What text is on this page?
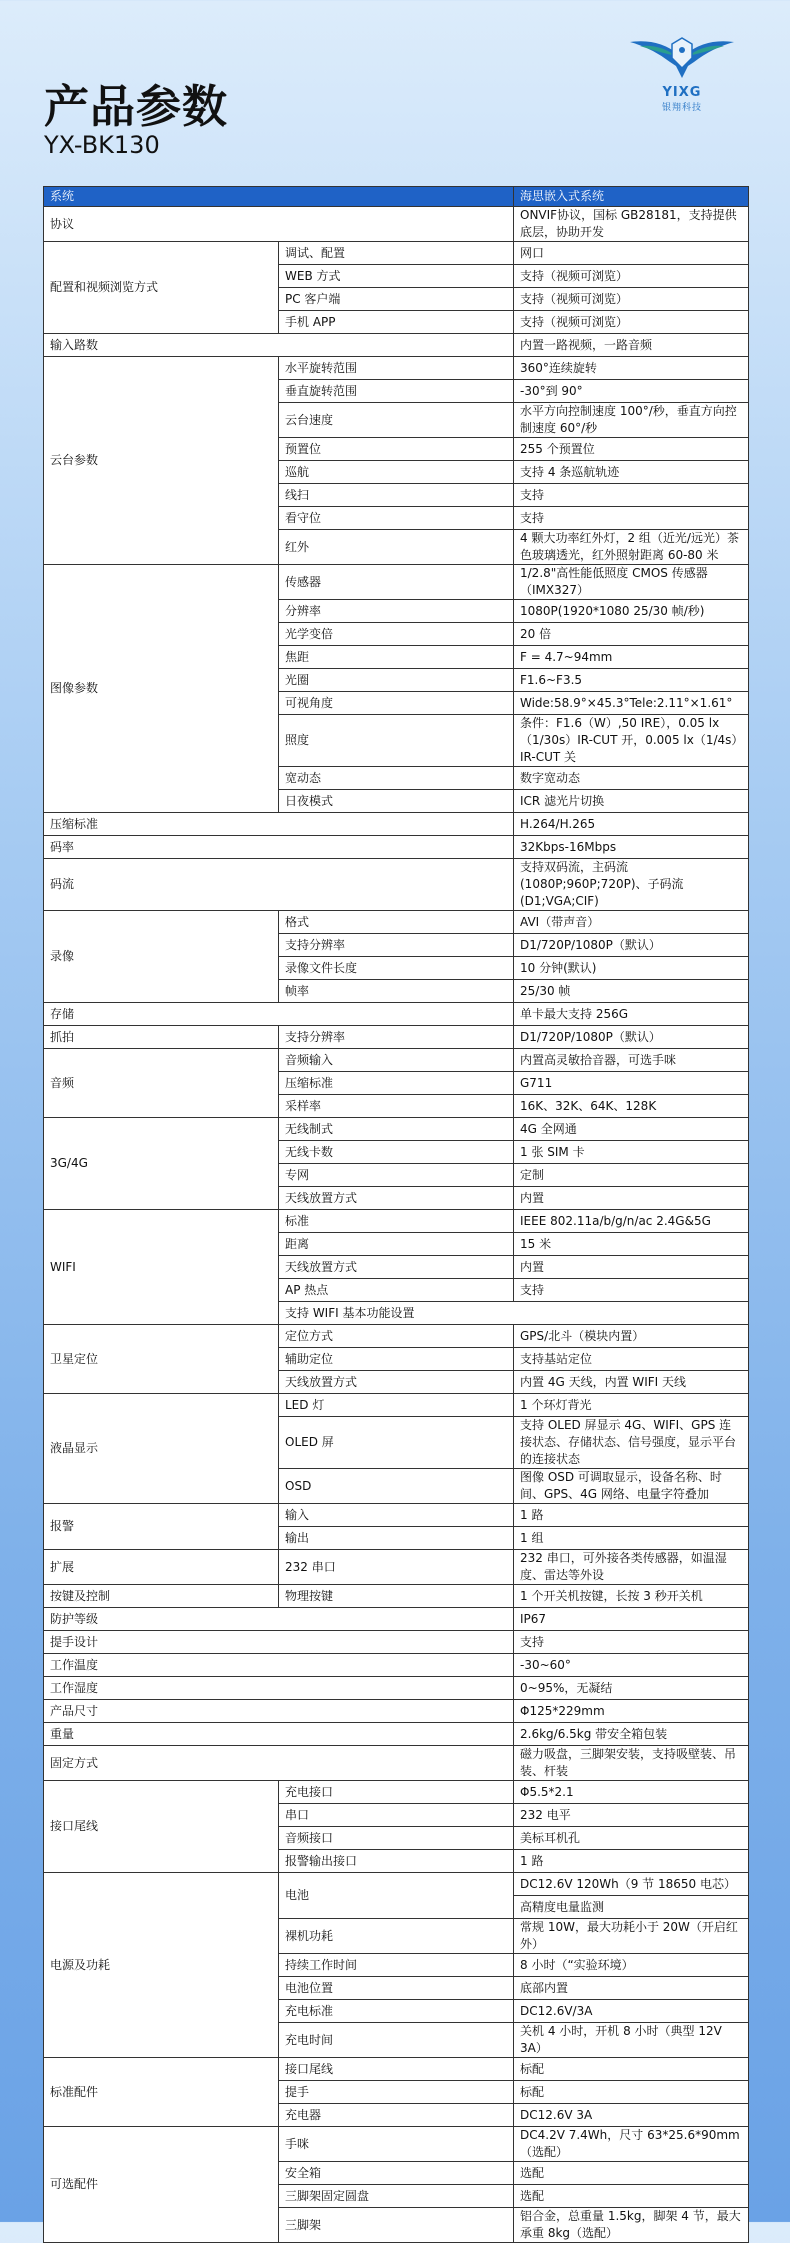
产品参数
YX-BK130
YIXG
银翔科技
系统		海思嵌入式系统
协议		ONVIF协议，国标 GB28181，支持提供底层，协助开发
配置和视频浏览方式	调试、配置	网口
	WEB 方式	支持（视频可浏览）
	PC 客户端	支持（视频可浏览）
	手机 APP	支持（视频可浏览）
输入路数		内置一路视频，一路音频
云台参数	水平旋转范围	360°连续旋转
	垂直旋转范围	-30°到 90°
	云台速度	水平方向控制速度 100°/秒，垂直方向控制速度 60°/秒
	预置位	255 个预置位
	巡航	支持 4 条巡航轨迹
	线扫	支持
	看守位	支持
	红外	4 颗大功率红外灯，2 组（近光/远光）茶色玻璃透光，红外照射距离 60-80 米
图像参数	传感器	1/2.8"高性能低照度 CMOS 传感器 （IMX327）
	分辨率	1080P(1920*1080 25/30 帧/秒)
	光学变倍	20 倍
	焦距	F = 4.7~94mm
	光圈	F1.6~F3.5
	可视角度	Wide:58.9°×45.3°Tele:2.11°×1.61°
	照度	条件：F1.6（W）,50 IRE），0.05 lx（1/30s）IR-CUT 开，0.005 lx（1/4s）IR-CUT 关
	宽动态	数字宽动态
	日夜模式	ICR 滤光片切换
压缩标准		H.264/H.265
码率		32Kbps-16Mbps
码流		支持双码流，主码流(1080P;960P;720P)、子码流(D1;VGA;CIF)
录像	格式	AVI（带声音）
	支持分辨率	D1/720P/1080P（默认）
	录像文件长度	10 分钟(默认)
	帧率	25/30 帧
存储		单卡最大支持 256G
抓拍	支持分辨率	D1/720P/1080P（默认）
音频	音频输入	内置高灵敏拾音器，可选手咪
	压缩标准	G711
	采样率	16K、32K、64K、128K
3G/4G	无线制式	4G 全网通
	无线卡数	1 张 SIM 卡
	专网	定制
	天线放置方式	内置
WIFI	标准	IEEE 802.11a/b/g/n/ac 2.4G&5G
	距离	15 米
	天线放置方式	内置
	AP 热点	支持
	支持 WIFI 基本功能设置	
卫星定位	定位方式	GPS/北斗（模块内置）
	辅助定位	支持基站定位
	天线放置方式	内置 4G 天线，内置 WIFI 天线
液晶显示	LED 灯	1 个环灯背光
	OLED 屏	支持 OLED 屏显示 4G、WIFI、GPS 连接状态、存储状态、信号强度，显示平台的连接状态
	OSD	图像 OSD 可调取显示，设备名称、时间、GPS、4G 网络、电量字符叠加
报警	输入	1 路
	输出	1 组
扩展	232 串口	232 串口，可外接各类传感器，如温湿度、雷达等外设
按键及控制	物理按键	1 个开关机按键，长按 3 秒开关机
防护等级		IP67
提手设计		支持
工作温度		-30~60°
工作湿度		0~95%，无凝结
产品尺寸		Φ125*229mm
重量		2.6kg/6.5kg 带安全箱包装
固定方式		磁力吸盘，三脚架安装，支持吸壁装、吊装、杆装
接口尾线	充电接口	Φ5.5*2.1
	串口	232 电平
	音频接口	美标耳机孔
	报警输出接口	1 路
电源及功耗	电池	DC12.6V 120Wh（9 节 18650 电芯）
		高精度电量监测
	裸机功耗	常规 10W，最大功耗小于 20W（开启红外）
	持续工作时间	8 小时（“实验环境）
	电池位置	底部内置
	充电标准	DC12.6V/3A
	充电时间	关机 4 小时，开机 8 小时（典型 12V 3A）
标准配件	接口尾线	标配
	提手	标配
	充电器	DC12.6V 3A
可选配件	手咪	DC4.2V 7.4Wh，尺寸 63*25.6*90mm（选配）
	安全箱	选配
	三脚架固定圆盘	选配
	三脚架	铝合金，总重量 1.5kg，脚架 4 节，最大承重 8kg（选配）
